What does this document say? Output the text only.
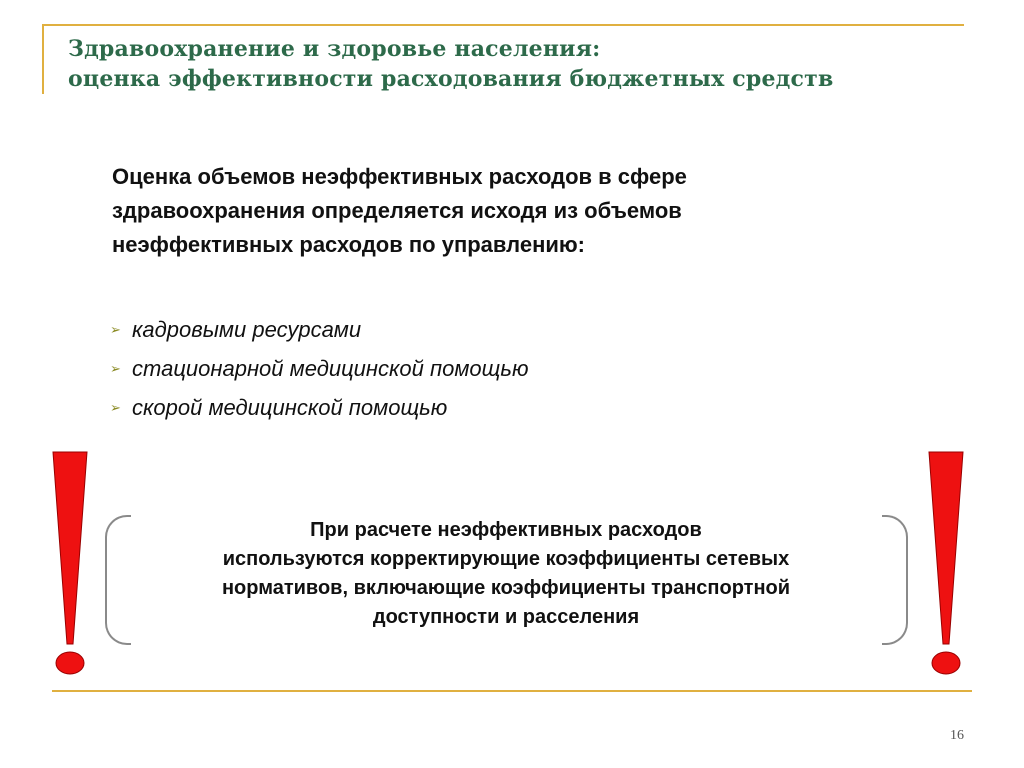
Здравоохранение и здоровье населения:
оценка эффективности расходования бюджетных средств
Оценка объемов неэффективных расходов в сфере
здравоохранения определяется исходя из объемов
неэффективных расходов по управлению:
➢ кадровыми ресурсами
➢ стационарной медицинской помощью
➢ скорой медицинской помощью
При расчете неэффективных расходов
используются корректирующие коэффициенты сетевых
нормативов, включающие коэффициенты транспортной
доступности и расселения
16
